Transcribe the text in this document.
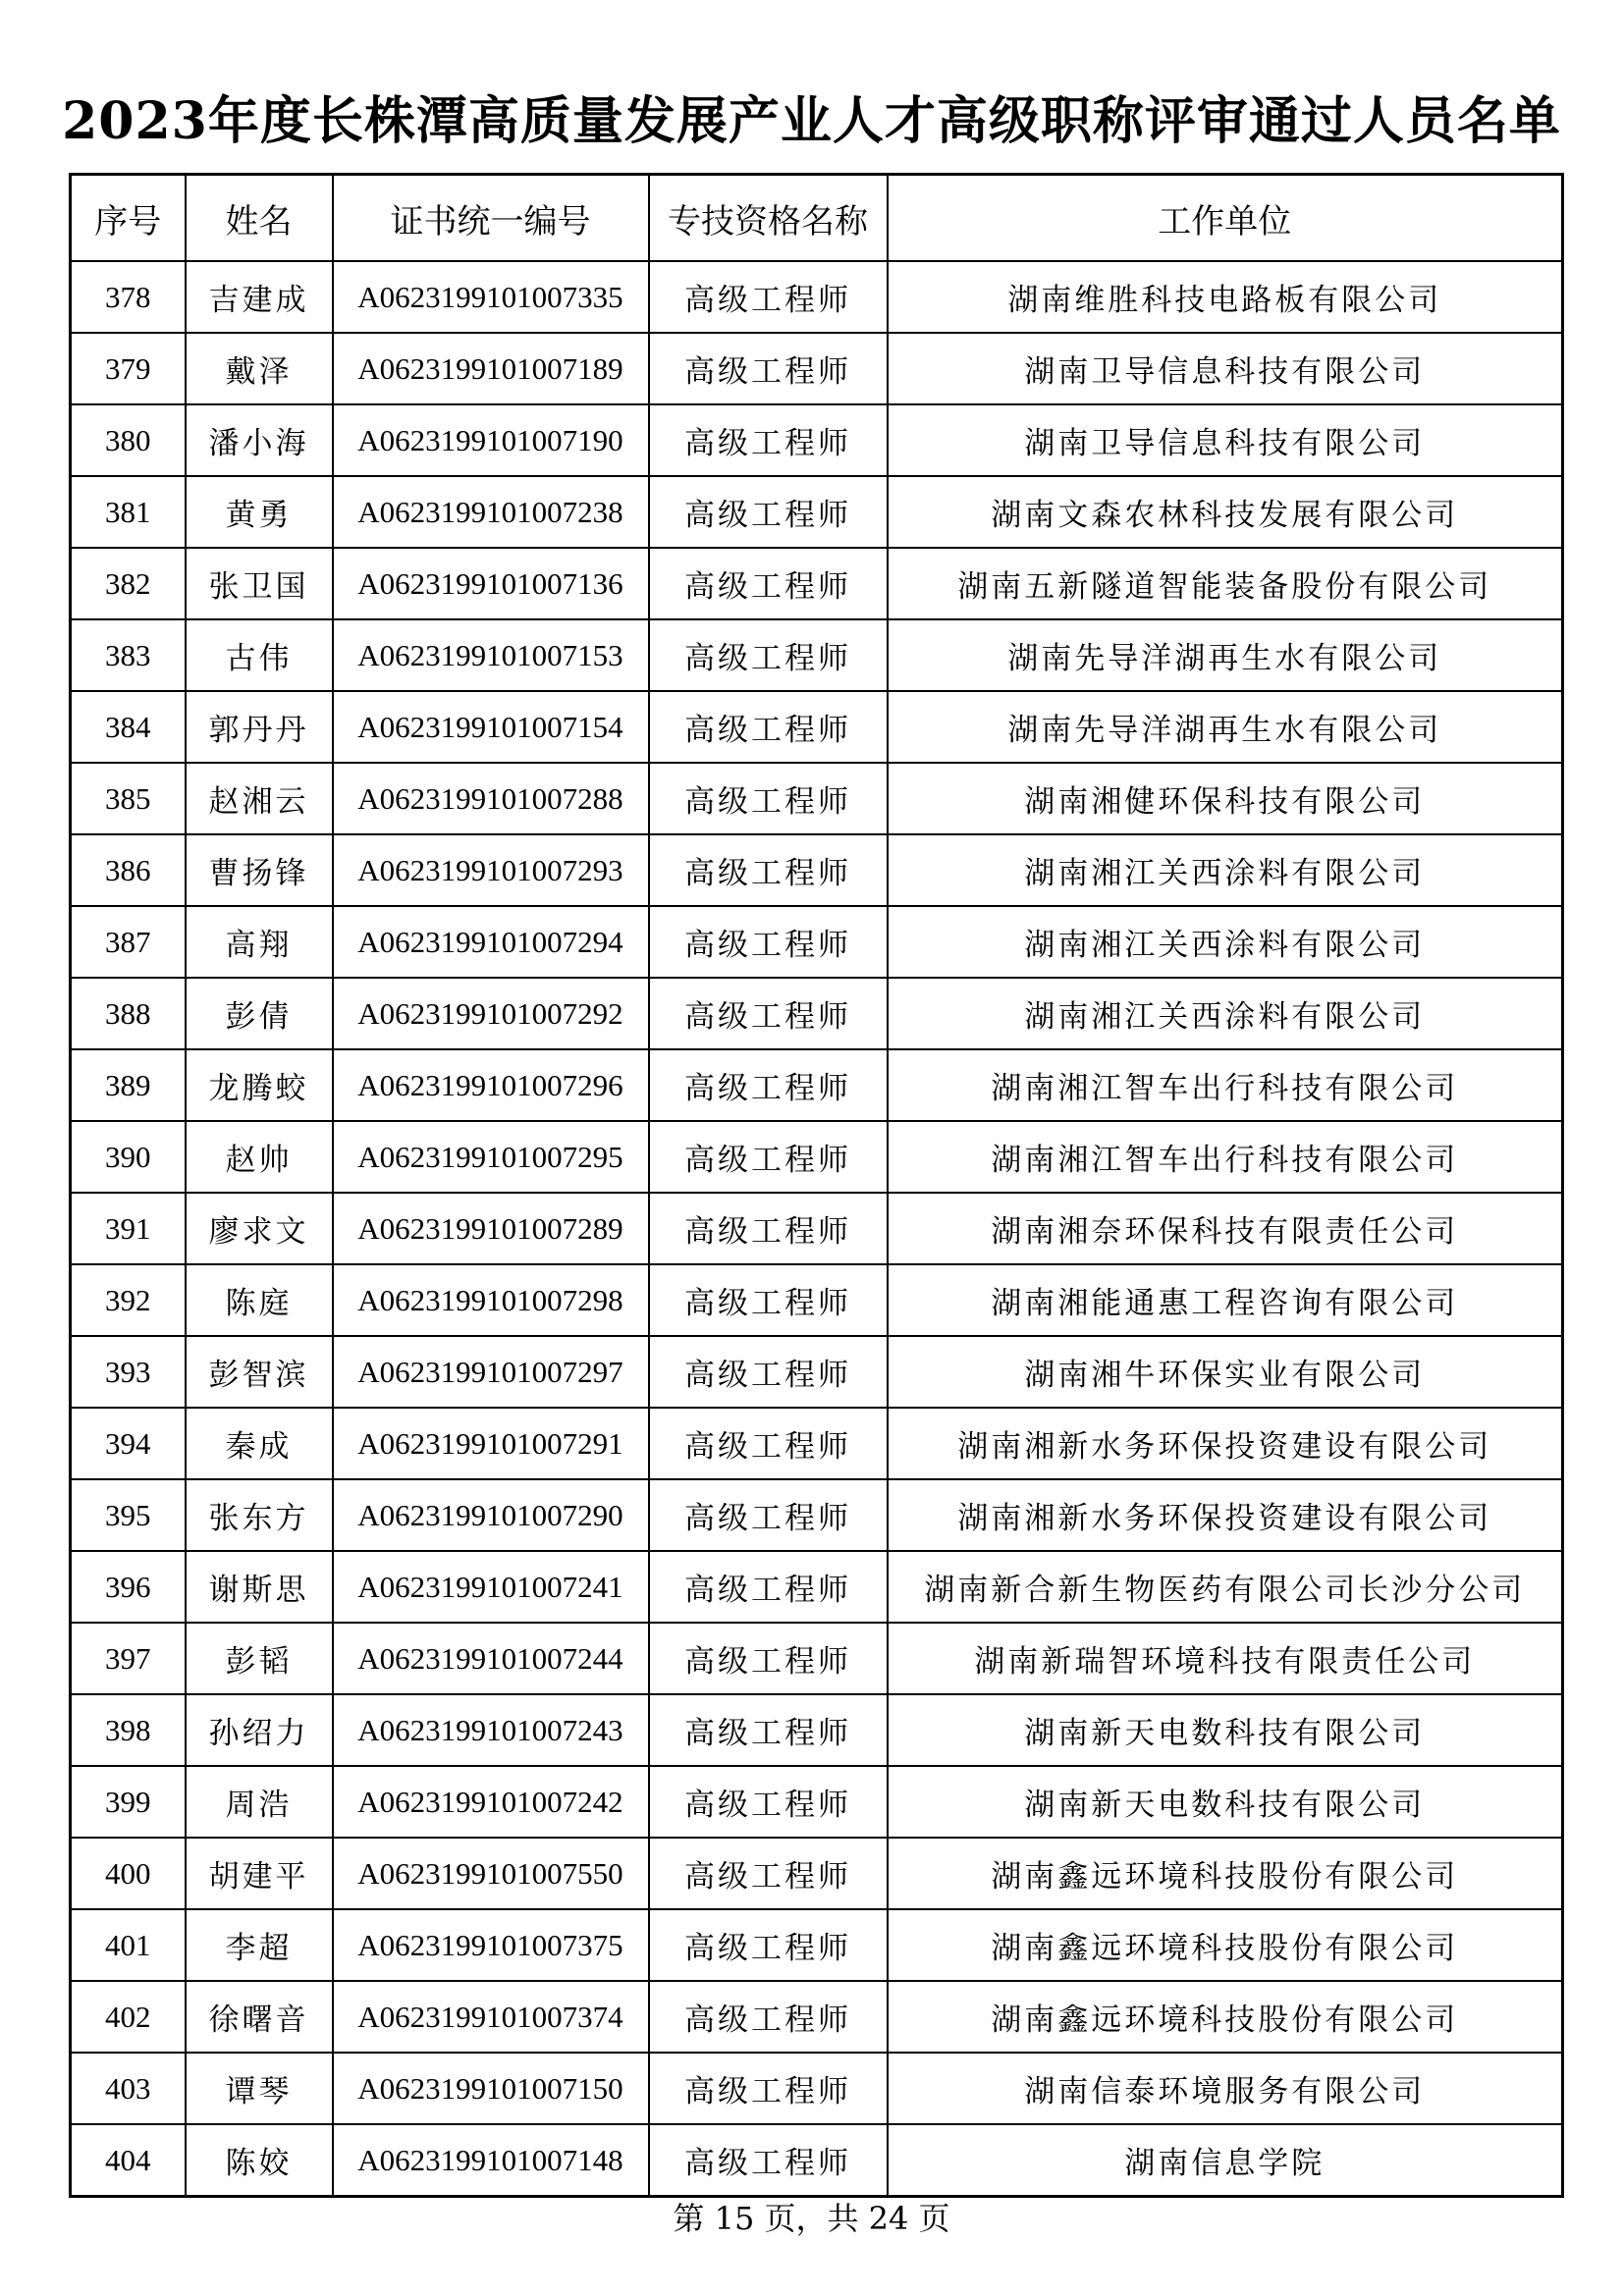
2023年度长株潭高质量发展产业人才高级职称评审通过人员名单
序号	姓名	证书统一编号	专技资格名称	工作单位
378	吉建成	A0623199101007335	高级工程师	湖南维胜科技电路板有限公司
379	戴泽	A0623199101007189	高级工程师	湖南卫导信息科技有限公司
380	潘小海	A0623199101007190	高级工程师	湖南卫导信息科技有限公司
381	黄勇	A0623199101007238	高级工程师	湖南文森农林科技发展有限公司
382	张卫国	A0623199101007136	高级工程师	湖南五新隧道智能装备股份有限公司
383	古伟	A0623199101007153	高级工程师	湖南先导洋湖再生水有限公司
384	郭丹丹	A0623199101007154	高级工程师	湖南先导洋湖再生水有限公司
385	赵湘云	A0623199101007288	高级工程师	湖南湘健环保科技有限公司
386	曹扬锋	A0623199101007293	高级工程师	湖南湘江关西涂料有限公司
387	高翔	A0623199101007294	高级工程师	湖南湘江关西涂料有限公司
388	彭倩	A0623199101007292	高级工程师	湖南湘江关西涂料有限公司
389	龙腾蛟	A0623199101007296	高级工程师	湖南湘江智车出行科技有限公司
390	赵帅	A0623199101007295	高级工程师	湖南湘江智车出行科技有限公司
391	廖求文	A0623199101007289	高级工程师	湖南湘奈环保科技有限责任公司
392	陈庭	A0623199101007298	高级工程师	湖南湘能通惠工程咨询有限公司
393	彭智滨	A0623199101007297	高级工程师	湖南湘牛环保实业有限公司
394	秦成	A0623199101007291	高级工程师	湖南湘新水务环保投资建设有限公司
395	张东方	A0623199101007290	高级工程师	湖南湘新水务环保投资建设有限公司
396	谢斯思	A0623199101007241	高级工程师	湖南新合新生物医药有限公司长沙分公司
397	彭韬	A0623199101007244	高级工程师	湖南新瑞智环境科技有限责任公司
398	孙绍力	A0623199101007243	高级工程师	湖南新天电数科技有限公司
399	周浩	A0623199101007242	高级工程师	湖南新天电数科技有限公司
400	胡建平	A0623199101007550	高级工程师	湖南鑫远环境科技股份有限公司
401	李超	A0623199101007375	高级工程师	湖南鑫远环境科技股份有限公司
402	徐曙音	A0623199101007374	高级工程师	湖南鑫远环境科技股份有限公司
403	谭琴	A0623199101007150	高级工程师	湖南信泰环境服务有限公司
404	陈姣	A0623199101007148	高级工程师	湖南信息学院
第 15 页，共 24 页
